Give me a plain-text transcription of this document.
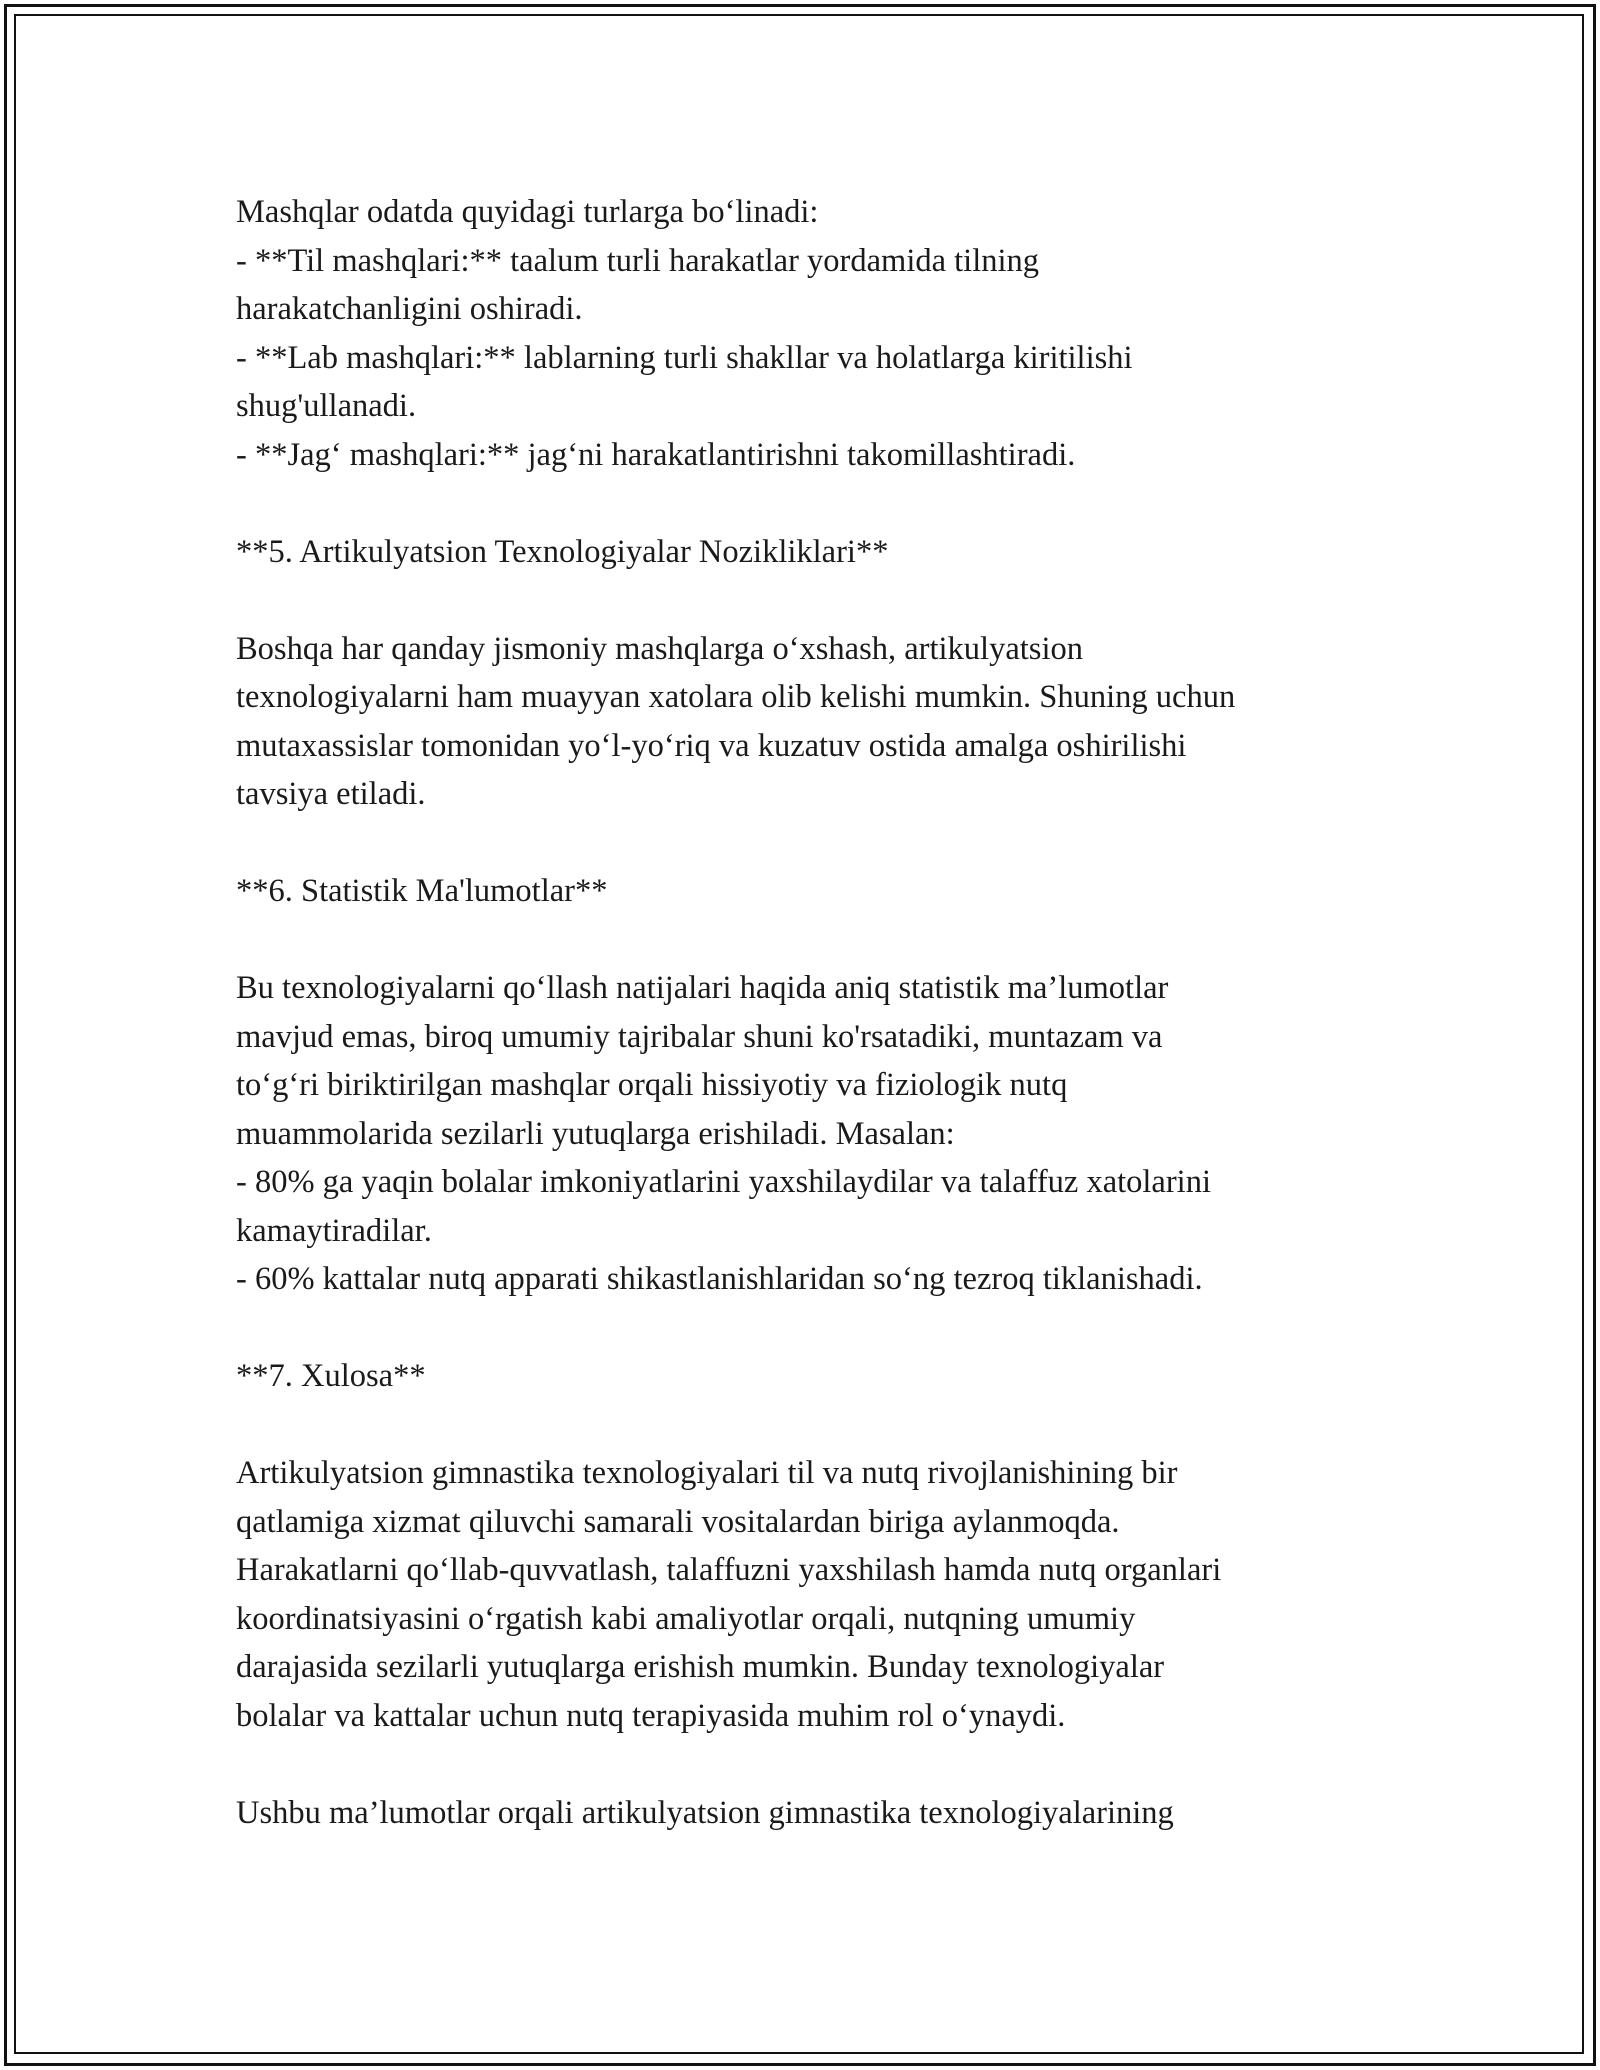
Mashqlar odatda quyidagi turlarga bo‘linadi:
- **Til mashqlari:** taalum turli harakatlar yordamida tilning
harakatchanligini oshiradi.
- **Lab mashqlari:** lablarning turli shakllar va holatlarga kiritilishi
shug'ullanadi.
- **Jag‘ mashqlari:** jag‘ni harakatlantirishni takomillashtiradi.
**5. Artikulyatsion Texnologiyalar Nozikliklari**
Boshqa har qanday jismoniy mashqlarga o‘xshash, artikulyatsion
texnologiyalarni ham muayyan xatolara olib kelishi mumkin. Shuning uchun
mutaxassislar tomonidan yo‘l-yo‘riq va kuzatuv ostida amalga oshirilishi
tavsiya etiladi.
**6. Statistik Ma'lumotlar**
Bu texnologiyalarni qo‘llash natijalari haqida aniq statistik ma’lumotlar
mavjud emas, biroq umumiy tajribalar shuni ko'rsatadiki, muntazam va
to‘g‘ri biriktirilgan mashqlar orqali hissiyotiy va fiziologik nutq
muammolarida sezilarli yutuqlarga erishiladi. Masalan:
- 80% ga yaqin bolalar imkoniyatlarini yaxshilaydilar va talaffuz xatolarini
kamaytiradilar.
- 60% kattalar nutq apparati shikastlanishlaridan so‘ng tezroq tiklanishadi.
**7. Xulosa**
Artikulyatsion gimnastika texnologiyalari til va nutq rivojlanishining bir
qatlamiga xizmat qiluvchi samarali vositalardan biriga aylanmoqda.
Harakatlarni qo‘llab-quvvatlash, talaffuzni yaxshilash hamda nutq organlari
koordinatsiyasini o‘rgatish kabi amaliyotlar orqali, nutqning umumiy
darajasida sezilarli yutuqlarga erishish mumkin. Bunday texnologiyalar
bolalar va kattalar uchun nutq terapiyasida muhim rol o‘ynaydi.
Ushbu ma’lumotlar orqali artikulyatsion gimnastika texnologiyalarining
